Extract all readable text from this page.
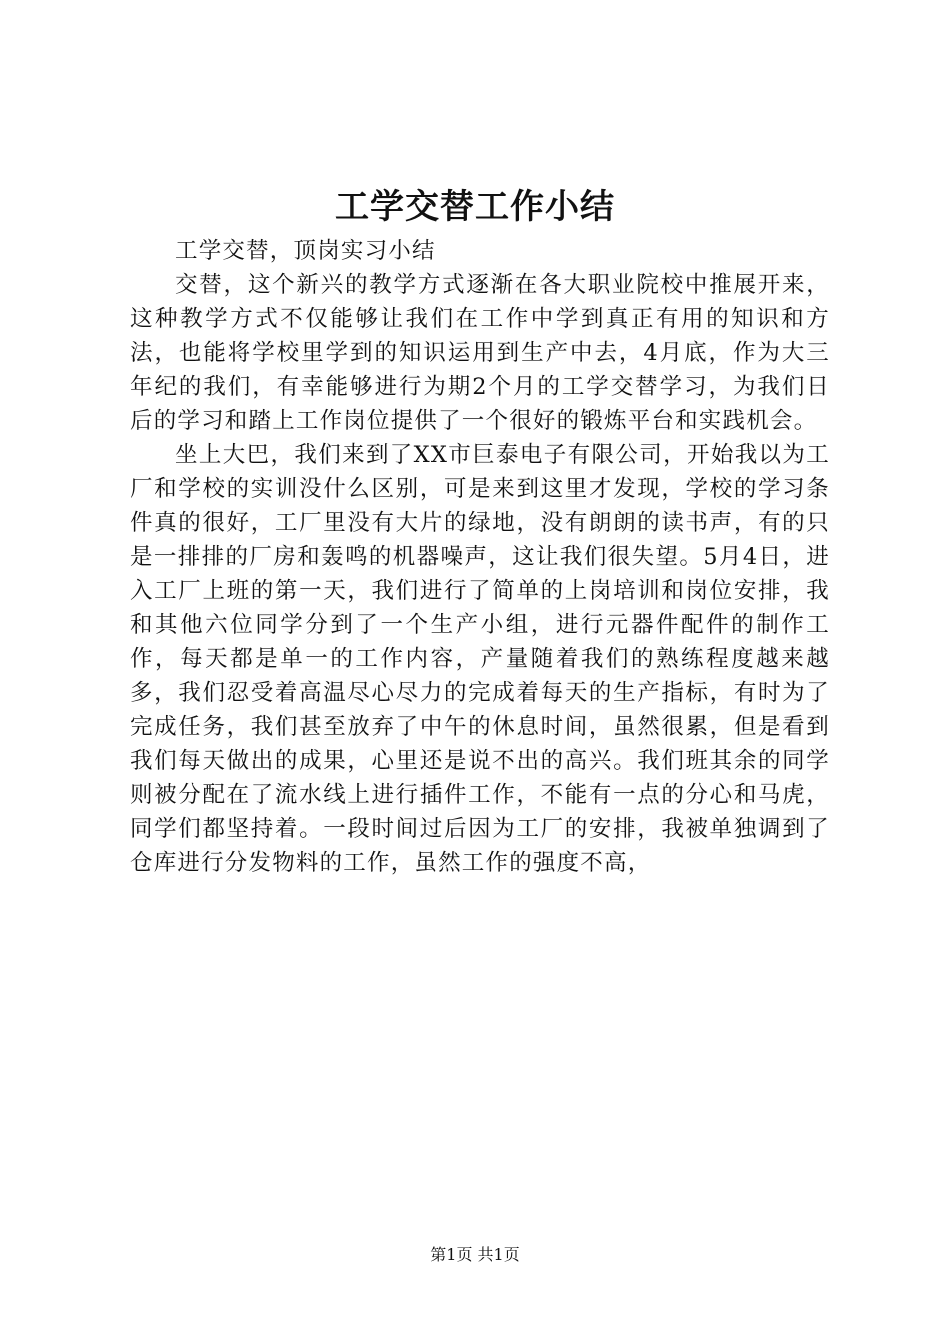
工学交替工作小结

工学交替，顶岗实习小结

交替，这个新兴的教学方式逐渐在各大职业院校中推展开来，这种教学方式不仅能够让我们在工作中学到真正有用的知识和方法，也能将学校里学到的知识运用到生产中去，4月底，作为大三年纪的我们，有幸能够进行为期2个月的工学交替学习，为我们日后的学习和踏上工作岗位提供了一个很好的锻炼平台和实践机会。

坐上大巴，我们来到了XX市巨泰电子有限公司，开始我以为工厂和学校的实训没什么区别，可是来到这里才发现，学校的学习条件真的很好，工厂里没有大片的绿地，没有朗朗的读书声，有的只是一排排的厂房和轰鸣的机器噪声，这让我们很失望。5月4日，进入工厂上班的第一天，我们进行了简单的上岗培训和岗位安排，我和其他六位同学分到了一个生产小组，进行元器件配件的制作工作，每天都是单一的工作内容，产量随着我们的熟练程度越来越多，我们忍受着高温尽心尽力的完成着每天的生产指标，有时为了完成任务，我们甚至放弃了中午的休息时间，虽然很累，但是看到我们每天做出的成果，心里还是说不出的高兴。我们班其余的同学则被分配在了流水线上进行插件工作，不能有一点的分心和马虎，同学们都坚持着。一段时间过后因为工厂的安排，我被单独调到了仓库进行分发物料的工作，虽然工作的强度不高，

第1页 共1页
